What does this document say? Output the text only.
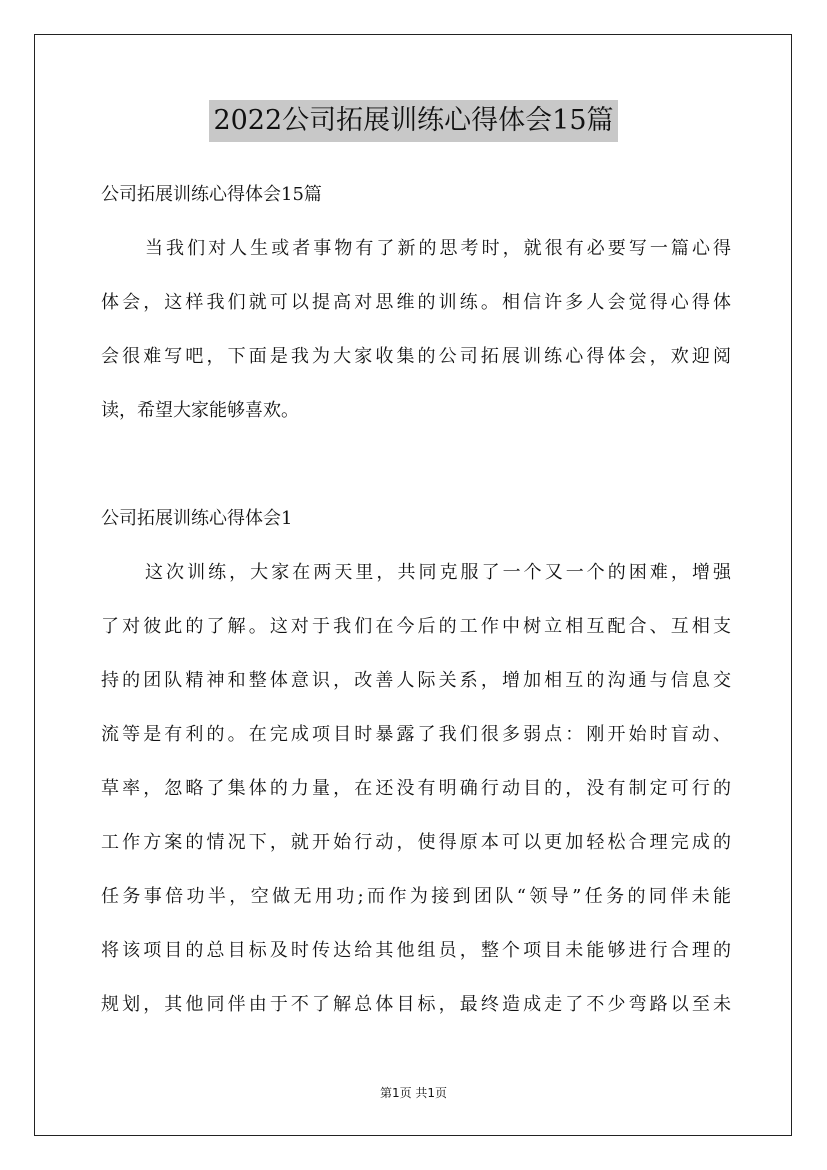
2022公司拓展训练心得体会15篇
公司拓展训练心得体会15篇
当我们对人生或者事物有了新的思考时，就很有必要写一篇心得
体会，这样我们就可以提高对思维的训练。相信许多人会觉得心得体
会很难写吧，下面是我为大家收集的公司拓展训练心得体会，欢迎阅
读，希望大家能够喜欢。
公司拓展训练心得体会1
这次训练，大家在两天里，共同克服了一个又一个的困难，增强
了对彼此的了解。这对于我们在今后的工作中树立相互配合、互相支
持的团队精神和整体意识，改善人际关系，增加相互的沟通与信息交
流等是有利的。在完成项目时暴露了我们很多弱点：刚开始时盲动、
草率，忽略了集体的力量，在还没有明确行动目的，没有制定可行的
工作方案的情况下，就开始行动，使得原本可以更加轻松合理完成的
任务事倍功半，空做无用功;而作为接到团队“领导”任务的同伴未能
将该项目的总目标及时传达给其他组员，整个项目未能够进行合理的
规划，其他同伴由于不了解总体目标，最终造成走了不少弯路以至未
第1页 共1页
